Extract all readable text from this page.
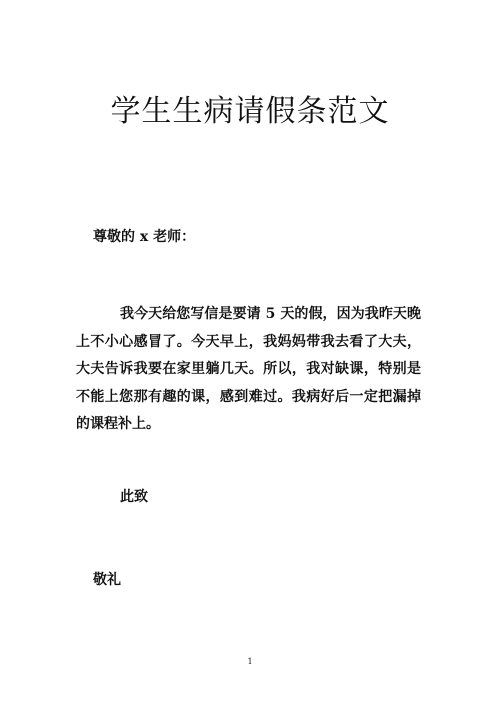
学生生病请假条范文
尊敬的 x 老师：

我今天给您写信是要请 5 天的假，因为我昨天晚上不小心感冒了。今天早上，我妈妈带我去看了大夫，大夫告诉我要在家里躺几天。所以，我对缺课，特别是不能上您那有趣的课，感到难过。我病好后一定把漏掉的课程补上。

此致
敬礼
1
